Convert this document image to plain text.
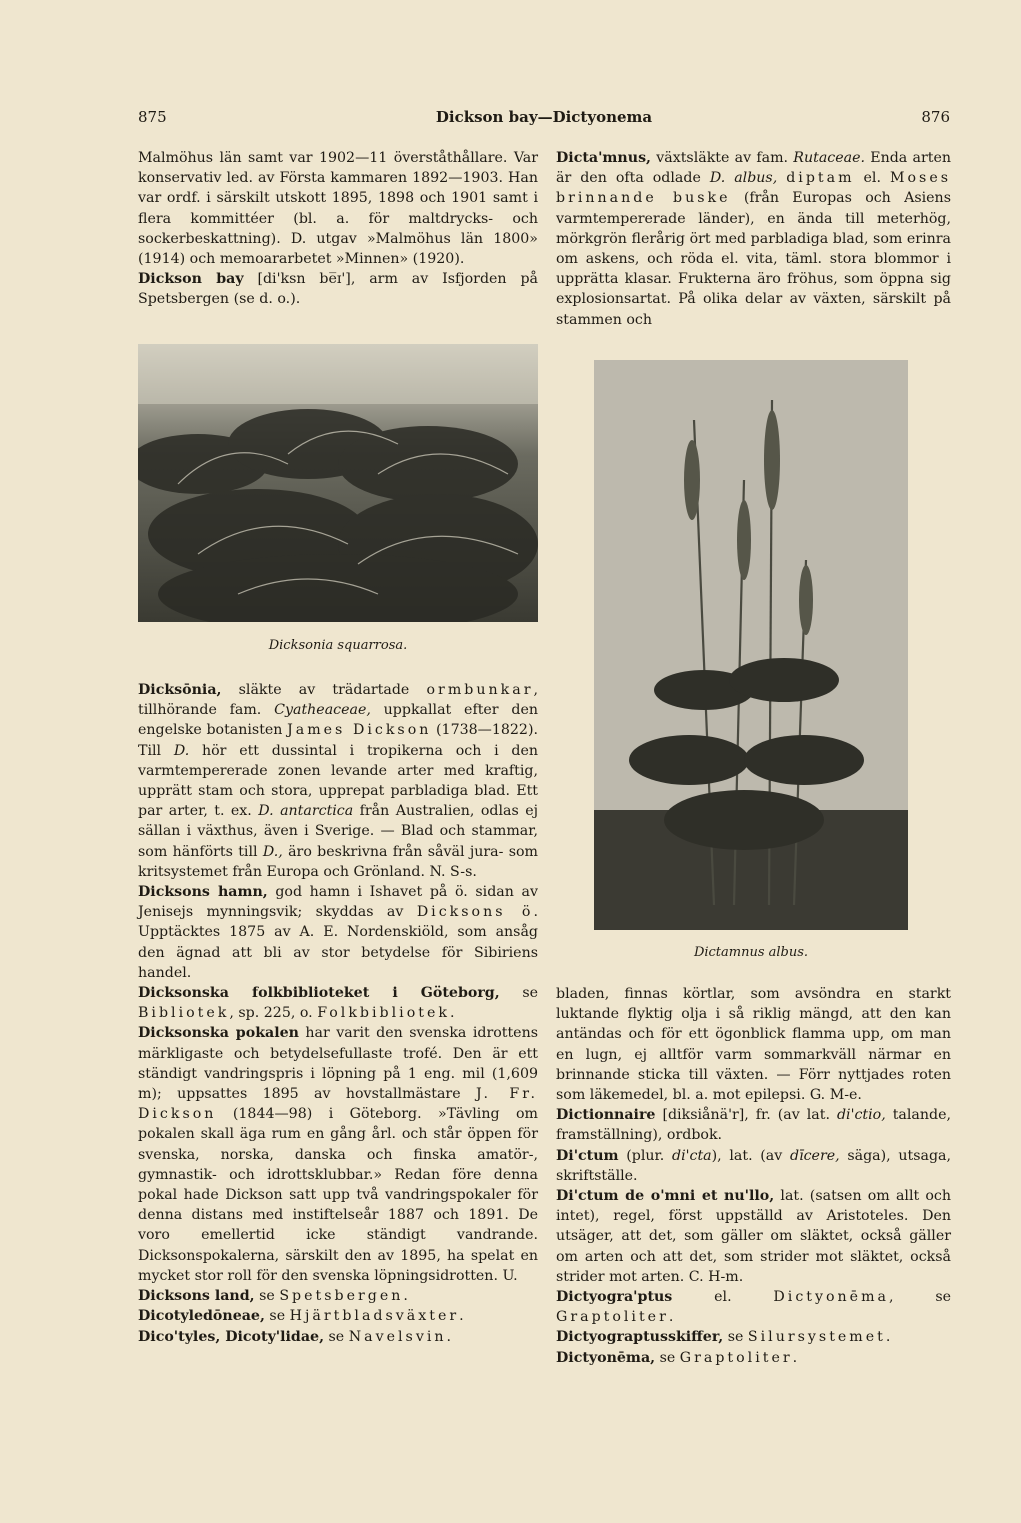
875	Dickson bay—Dictyonema	876

Malmöhus län samt var 1902—11 överståthållare. Var konservativ led. av Första kammaren 1892—1903. Han var ordf. i särskilt utskott 1895, 1898 och 1901 samt i flera kommittéer (bl. a. för maltdrycks- och sockerbeskattning). D. utgav »Malmöhus län 1800» (1914) och memoararbetet »Minnen» (1920).

Dickson bay [di'ksn be̅ɪ'], arm av Isfjorden på Spetsbergen (se d. o.).

Dicksonia squarrosa.

Dicksōnia, släkte av trädartade ormbunkar, tillhörande fam. Cyatheaceae, uppkallat efter den engelske botanisten James Dickson (1738—1822). Till D. hör ett dussintal i tropikerna och i den varmtempererade zonen levande arter med kraftig, upprätt stam och stora, upprepat parbladiga blad. Ett par arter, t. ex. D. antarctica från Australien, odlas ej sällan i växthus, även i Sverige. — Blad och stammar, som hänförts till D., äro beskrivna från såväl jura- som kritsystemet från Europa och Grönland. N. S-s.

Dicksons hamn, god hamn i Ishavet på ö. sidan av Jenisejs mynningsvik; skyddas av Dicksons ö. Upptäcktes 1875 av A. E. Nordenskiöld, som ansåg den ägnad att bli av stor betydelse för Sibiriens handel.

Dicksonska folkbiblioteket i Göteborg, se Bibliotek, sp. 225, o. Folkbibliotek.

Dicksonska pokalen har varit den svenska idrottens märkligaste och betydelsefullaste trofé. Den är ett ständigt vandringspris i löpning på 1 eng. mil (1,609 m); uppsattes 1895 av hovstallmästare J. Fr. Dickson (1844—98) i Göteborg. »Tävling om pokalen skall äga rum en gång årl. och står öppen för svenska, norska, danska och finska amatör-, gymnastik- och idrottsklubbar.» Redan före denna pokal hade Dickson satt upp två vandringspokaler för denna distans med instiftelseår 1887 och 1891. De voro emellertid icke ständigt vandrande. Dicksonspokalerna, särskilt den av 1895, ha spelat en mycket stor roll för den svenska löpningsidrotten. U.

Dicksons land, se Spetsbergen.

Dicotyledōneae, se Hjärtbladsväxter.

Dico'tyles, Dicoty'lidae, se Navelsvin.

Dicta'mnus, växtsläkte av fam. Rutaceae. Enda arten är den ofta odlade D. albus, diptam el. Moses brinnande buske (från Europas och Asiens varmtempererade länder), en ända till meterhög, mörkgrön flerårig ört med parbladiga blad, som erinra om askens, och röda el. vita, täml. stora blommor i upprätta klasar. Frukterna äro fröhus, som öppna sig explosionsartat. På olika delar av växten, särskilt på stammen och

Dictamnus albus.

bladen, finnas körtlar, som avsöndra en starkt luktande flyktig olja i så riklig mängd, att den kan antändas och för ett ögonblick flamma upp, om man en lugn, ej alltför varm sommarkväll närmar en brinnande sticka till växten. — Förr nyttjades roten som läkemedel, bl. a. mot epilepsi. G. M-e.

Dictionnaire [diksiånä'r], fr. (av lat. di'ctio, talande, framställning), ordbok.

Di'ctum (plur. di'cta), lat. (av dīcere, säga), utsaga, skriftställe.

Di'ctum de o'mni et nu'llo, lat. (satsen om allt och intet), regel, först uppställd av Aristoteles. Den utsäger, att det, som gäller om släktet, också gäller om arten och att det, som strider mot släktet, också strider mot arten. C. H-m.

Dictyogra'ptus el. Dictyonēma, se Graptoliter.

Dictyograptusskiffer, se Silursystemet.

Dictyonēma, se Graptoliter.
